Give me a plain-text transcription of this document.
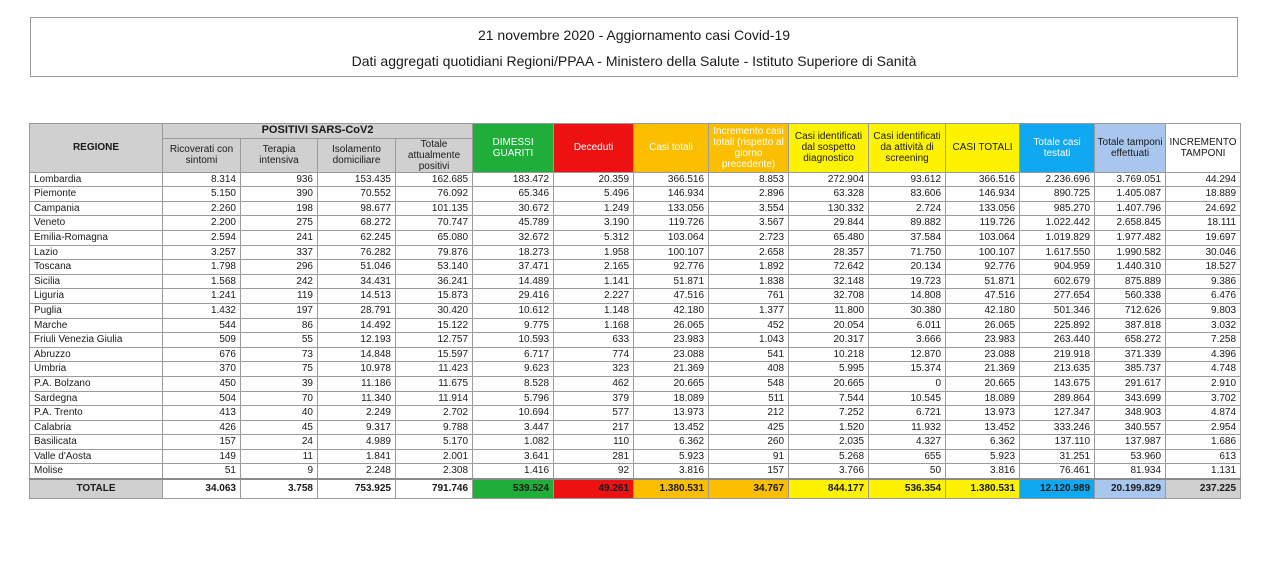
21 novembre 2020 - Aggiornamento casi Covid-19
Dati aggregati quotidiani Regioni/PPAA - Ministero della Salute - Istituto Superiore di Sanità
REGIONE	POSITIVI SARS-CoV2				DIMESSI GUARITI	Deceduti	Casi totali	Incremento casi totali (rispetto al giorno precedente)	Casi identificati dal sospetto diagnostico	Casi identificati da attività di screening	CASI TOTALI	Totale casi testati	Totale tamponi effettuati	INCREMENTO TAMPONI
	Ricoverati con sintomi	Terapia intensiva	Isolamento domiciliare	Totale attualmente positivi										
Lombardia	8.314	936	153.435	162.685	183.472	20.359	366.516	8.853	272.904	93.612	366.516	2.236.696	3.769.051	44.294
Piemonte	5.150	390	70.552	76.092	65.346	5.496	146.934	2.896	63.328	83.606	146.934	890.725	1.405.087	18.889
Campania	2.260	198	98.677	101.135	30.672	1.249	133.056	3.554	130.332	2.724	133.056	985.270	1.407.796	24.692
Veneto	2.200	275	68.272	70.747	45.789	3.190	119.726	3.567	29.844	89.882	119.726	1.022.442	2.658.845	18.111
Emilia-Romagna	2.594	241	62.245	65.080	32.672	5.312	103.064	2.723	65.480	37.584	103.064	1.019.829	1.977.482	19.697
Lazio	3.257	337	76.282	79.876	18.273	1.958	100.107	2.658	28.357	71.750	100.107	1.617.550	1.990.582	30.046
Toscana	1.798	296	51.046	53.140	37.471	2.165	92.776	1.892	72.642	20.134	92.776	904.959	1.440.310	18.527
Sicilia	1.568	242	34.431	36.241	14.489	1.141	51.871	1.838	32.148	19.723	51.871	602.679	875.889	9.386
Liguria	1.241	119	14.513	15.873	29.416	2.227	47.516	761	32.708	14.808	47.516	277.654	560.338	6.476
Puglia	1.432	197	28.791	30.420	10.612	1.148	42.180	1.377	11.800	30.380	42.180	501.346	712.626	9.803
Marche	544	86	14.492	15.122	9.775	1.168	26.065	452	20.054	6.011	26.065	225.892	387.818	3.032
Friuli Venezia Giulia	509	55	12.193	12.757	10.593	633	23.983	1.043	20.317	3.666	23.983	263.440	658.272	7.258
Abruzzo	676	73	14.848	15.597	6.717	774	23.088	541	10.218	12.870	23.088	219.918	371.339	4.396
Umbria	370	75	10.978	11.423	9.623	323	21.369	408	5.995	15.374	21.369	213.635	385.737	4.748
P.A. Bolzano	450	39	11.186	11.675	8.528	462	20.665	548	20.665	0	20.665	143.675	291.617	2.910
Sardegna	504	70	11.340	11.914	5.796	379	18.089	511	7.544	10.545	18.089	289.864	343.699	3.702
P.A. Trento	413	40	2.249	2.702	10.694	577	13.973	212	7.252	6.721	13.973	127.347	348.903	4.874
Calabria	426	45	9.317	9.788	3.447	217	13.452	425	1.520	11.932	13.452	333.246	340.557	2.954
Basilicata	157	24	4.989	5.170	1.082	110	6.362	260	2.035	4.327	6.362	137.110	137.987	1.686
Valle d'Aosta	149	11	1.841	2.001	3.641	281	5.923	91	5.268	655	5.923	31.251	53.960	613
Molise	51	9	2.248	2.308	1.416	92	3.816	157	3.766	50	3.816	76.461	81.934	1.131
TOTALE	34.063	3.758	753.925	791.746	539.524	49.261	1.380.531	34.767	844.177	536.354	1.380.531	12.120.989	20.199.829	237.225
